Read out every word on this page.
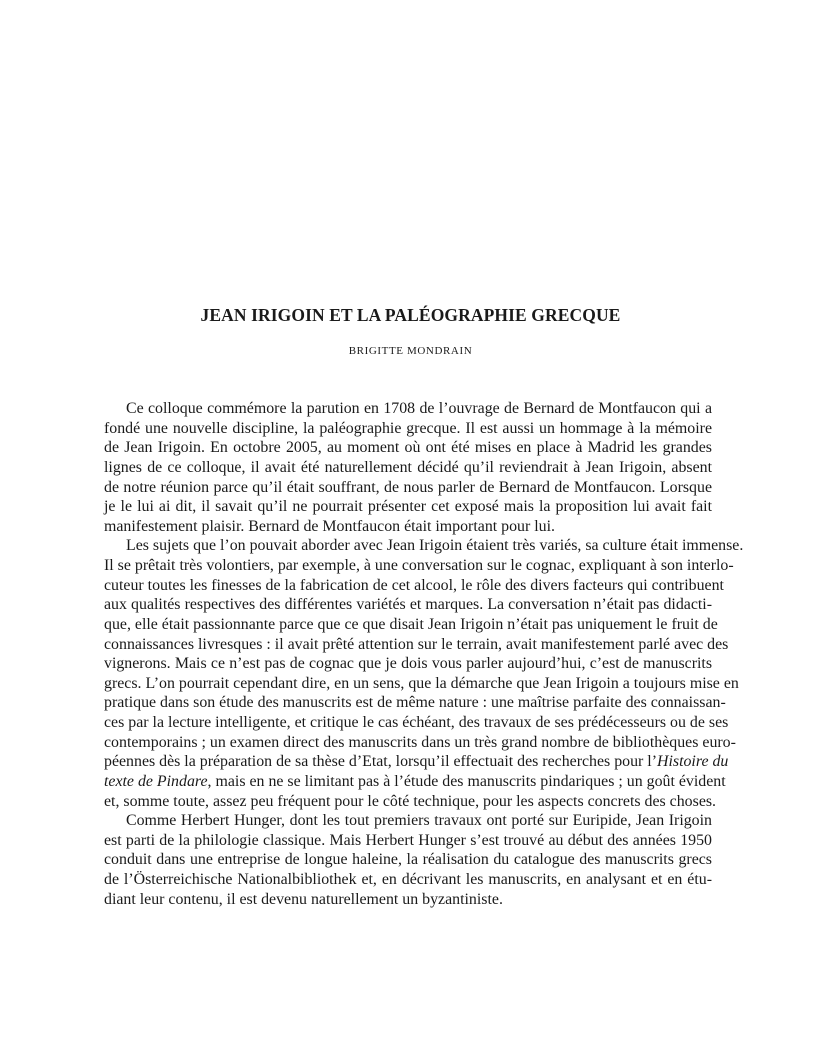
JEAN IRIGOIN ET LA PALÉOGRAPHIE GRECQUE
BRIGITTE MONDRAIN

Ce colloque commémore la parution en 1708 de l’ouvrage de Bernard de Montfaucon qui a
fondé une nouvelle discipline, la paléographie grecque. Il est aussi un hommage à la mémoire
de Jean Irigoin. En octobre 2005, au moment où ont été mises en place à Madrid les grandes
lignes de ce colloque, il avait été naturellement décidé qu’il reviendrait à Jean Irigoin, absent
de notre réunion parce qu’il était souffrant, de nous parler de Bernard de Montfaucon. Lorsque
je le lui ai dit, il savait qu’il ne pourrait présenter cet exposé mais la proposition lui avait fait
manifestement plaisir. Bernard de Montfaucon était important pour lui.

Les sujets que l’on pouvait aborder avec Jean Irigoin étaient très variés, sa culture était immense.
Il se prêtait très volontiers, par exemple, à une conversation sur le cognac, expliquant à son interlo-
cuteur toutes les finesses de la fabrication de cet alcool, le rôle des divers facteurs qui contribuent
aux qualités respectives des différentes variétés et marques. La conversation n’était pas didacti-
que, elle était passionnante parce que ce que disait Jean Irigoin n’était pas uniquement le fruit de
connaissances livresques : il avait prêté attention sur le terrain, avait manifestement parlé avec des
vignerons. Mais ce n’est pas de cognac que je dois vous parler aujourd’hui, c’est de manuscrits
grecs. L’on pourrait cependant dire, en un sens, que la démarche que Jean Irigoin a toujours mise en
pratique dans son étude des manuscrits est de même nature : une maîtrise parfaite des connaissan-
ces par la lecture intelligente, et critique le cas échéant, des travaux de ses prédécesseurs ou de ses
contemporains ; un examen direct des manuscrits dans un très grand nombre de bibliothèques euro-
péennes dès la préparation de sa thèse d’Etat, lorsqu’il effectuait des recherches pour l’Histoire du
texte de Pindare, mais en ne se limitant pas à l’étude des manuscrits pindariques ; un goût évident
et, somme toute, assez peu fréquent pour le côté technique, pour les aspects concrets des choses.

Comme Herbert Hunger, dont les tout premiers travaux ont porté sur Euripide, Jean Irigoin
est parti de la philologie classique. Mais Herbert Hunger s’est trouvé au début des années 1950
conduit dans une entreprise de longue haleine, la réalisation du catalogue des manuscrits grecs
de l’Österreichische Nationalbibliothek et, en décrivant les manuscrits, en analysant et en étu-
diant leur contenu, il est devenu naturellement un byzantiniste.
